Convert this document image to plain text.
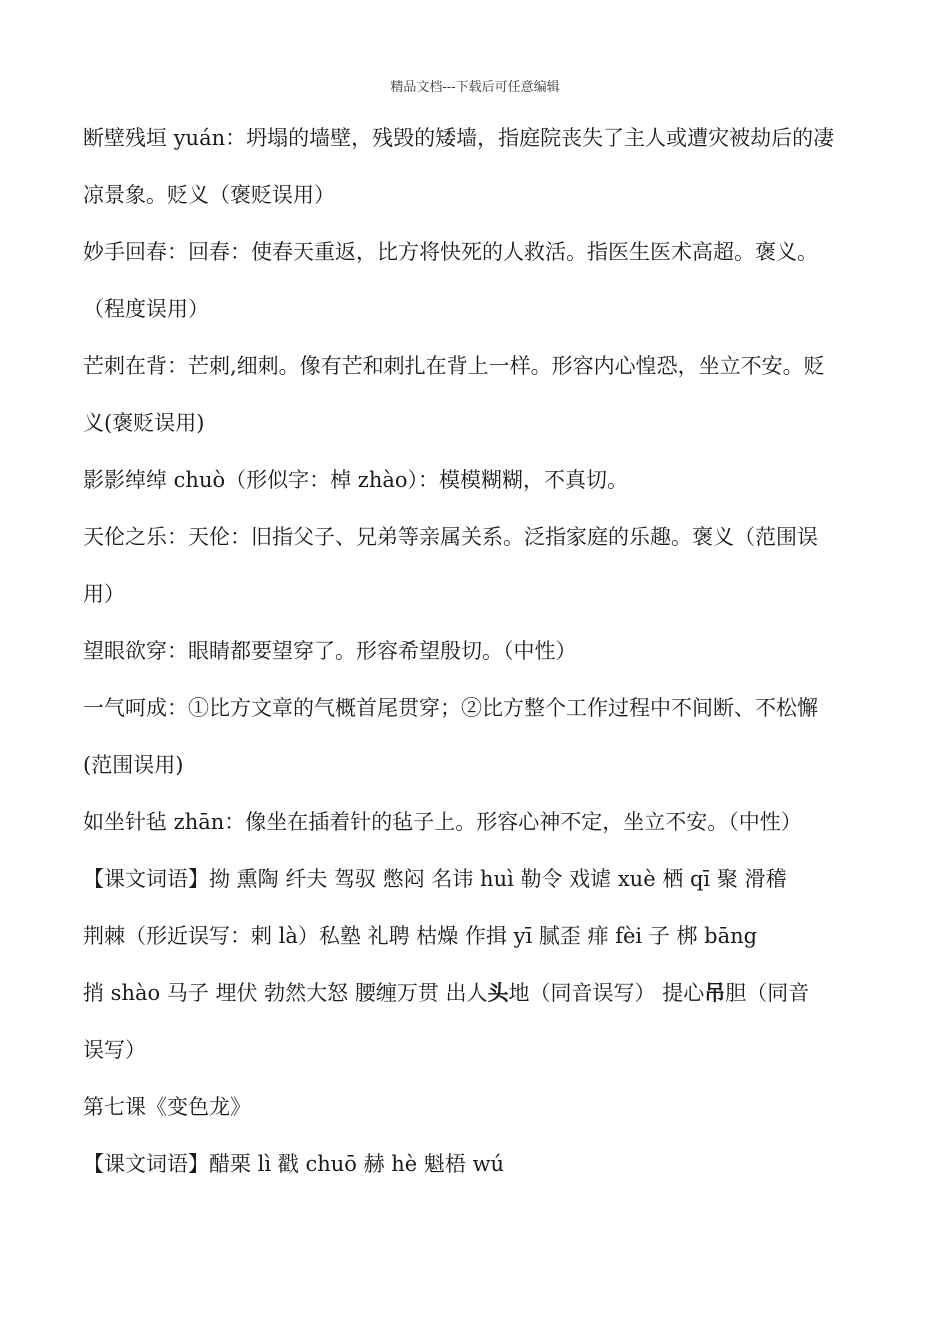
精品文档---下载后可任意编辑
断壁残垣 yuán：坍塌的墙壁，残毁的矮墙，指庭院丧失了主人或遭灾被劫后的凄
凉景象。贬义（褒贬误用）
妙手回春：回春：使春天重返，比方将快死的人救活。指医生医术高超。褒义。
（程度误用）
芒刺在背：芒刺,细刺。像有芒和刺扎在背上一样。形容内心惶恐，坐立不安。贬
义(褒贬误用)
影影绰绰 chuò（形似字：棹 zhào）：模模糊糊，不真切。
天伦之乐：天伦：旧指父子、兄弟等亲属关系。泛指家庭的乐趣。褒义（范围误
用）
望眼欲穿：眼睛都要望穿了。形容希望殷切。（中性）
一气呵成：①比方文章的气概首尾贯穿；②比方整个工作过程中不间断、不松懈
(范围误用)
如坐针毡 zhān：像坐在插着针的毡子上。形容心神不定，坐立不安。（中性）
【课文词语】拗 熏陶 纤夫 驾驭 憋闷 名讳 huì 勒令 戏谑 xuè 栖 qī 聚 滑稽
荆棘（形近误写：剌 là）私塾 礼聘 枯燥 作揖 yī 腻歪 痱 fèi 子 梆 bāng
捎 shào 马子 埋伏 勃然大怒 腰缠万贯 出人头地（同音误写） 提心吊胆（同音
误写）
第七课《变色龙》
【课文词语】醋栗 lì 戳 chuō 赫 hè 魁梧 wú
